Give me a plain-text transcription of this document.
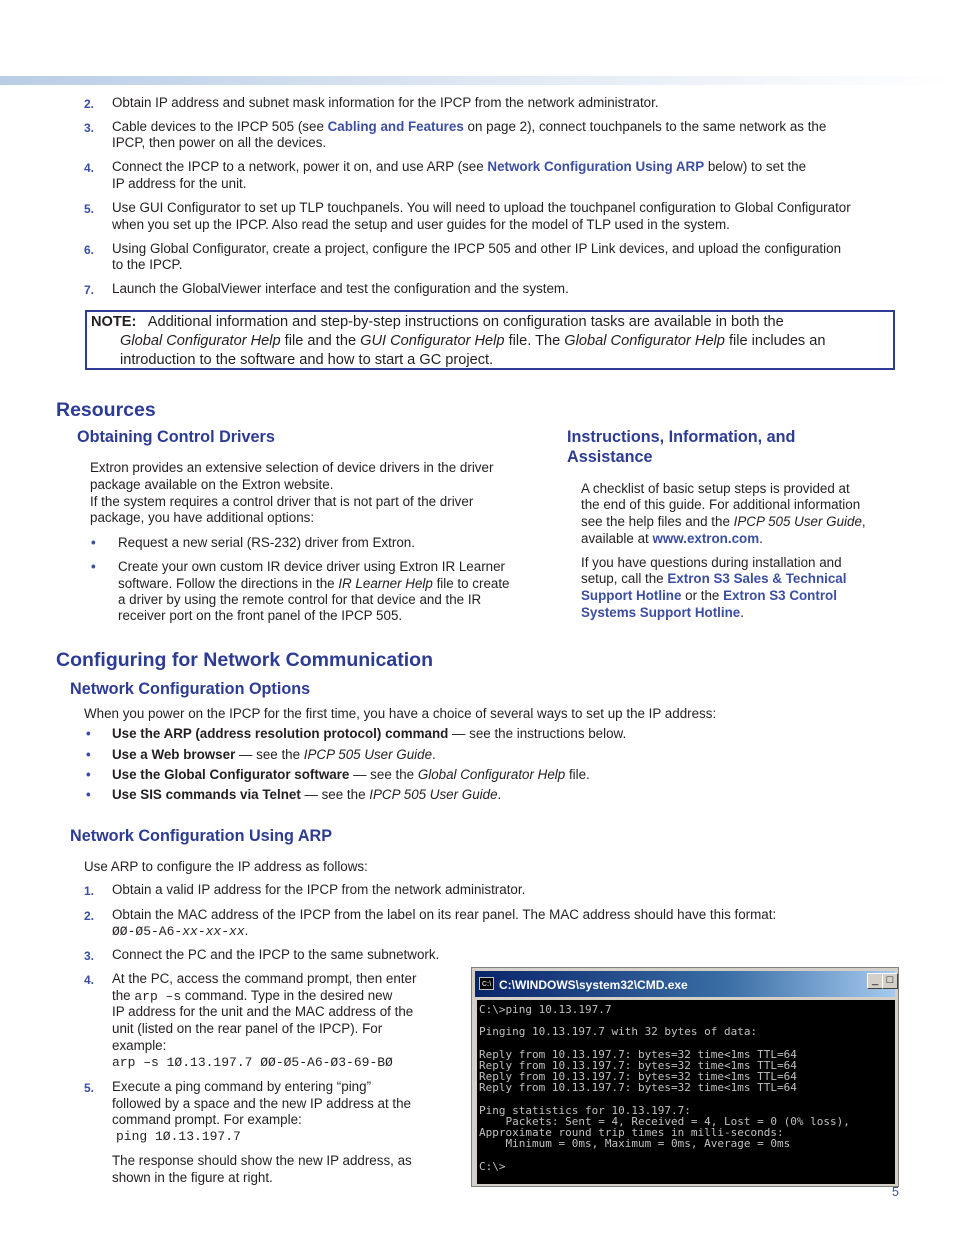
2. Obtain IP address and subnet mask information for the IPCP from the network administrator.
3. Cable devices to the IPCP 505 (see Cabling and Features on page 2), connect touchpanels to the same network as the
IPCP, then power on all the devices.
4. Connect the IPCP to a network, power it on, and use ARP (see Network Configuration Using ARP below) to set the
IP address for the unit.
5. Use GUI Configurator to set up TLP touchpanels. You will need to upload the touchpanel configuration to Global Configurator
when you set up the IPCP. Also read the setup and user guides for the model of TLP used in the system.
6. Using Global Configurator, create a project, configure the IPCP 505 and other IP Link devices, and upload the configuration
to the IPCP.
7. Launch the GlobalViewer interface and test the configuration and the system.
NOTE: Additional information and step-by-step instructions on configuration tasks are available in both the
Global Configurator Help file and the GUI Configurator Help file. The Global Configurator Help file includes an
introduction to the software and how to start a GC project.
Resources
Obtaining Control Drivers
Extron provides an extensive selection of device drivers in the driver
package available on the Extron website.
If the system requires a control driver that is not part of the driver
package, you have additional options:
• Request a new serial (RS-232) driver from Extron.
• Create your own custom IR device driver using Extron IR Learner
software. Follow the directions in the IR Learner Help file to create
a driver by using the remote control for that device and the IR
receiver port on the front panel of the IPCP 505.
Instructions, Information, and
Assistance
A checklist of basic setup steps is provided at
the end of this guide. For additional information
see the help files and the IPCP 505 User Guide,
available at www.extron.com.
If you have questions during installation and
setup, call the Extron S3 Sales & Technical
Support Hotline or the Extron S3 Control
Systems Support Hotline.
Configuring for Network Communication
Network Configuration Options
When you power on the IPCP for the first time, you have a choice of several ways to set up the IP address:
• Use the ARP (address resolution protocol) command — see the instructions below.
• Use a Web browser — see the IPCP 505 User Guide.
• Use the Global Configurator software — see the Global Configurator Help file.
• Use SIS commands via Telnet — see the IPCP 505 User Guide.
Network Configuration Using ARP
Use ARP to configure the IP address as follows:
1. Obtain a valid IP address for the IPCP from the network administrator.
2. Obtain the MAC address of the IPCP from the label on its rear panel. The MAC address should have this format:
ØØ-Ø5-A6-xx-xx-xx.
3. Connect the PC and the IPCP to the same subnetwork.
4. At the PC, access the command prompt, then enter
the arp –s command. Type in the desired new
IP address for the unit and the MAC address of the
unit (listed on the rear panel of the IPCP). For
example:
arp –s 1Ø.13.197.7 ØØ-Ø5-A6-Ø3-69-BØ
5. Execute a ping command by entering “ping”
followed by a space and the new IP address at the
command prompt. For example:
ping 1Ø.13.197.7
The response should show the new IP address, as
shown in the figure at right.
C:\ C:\WINDOWS\system32\CMD.exe	_ □
C:\>ping 10.13.197.7

Pinging 10.13.197.7 with 32 bytes of data:

Reply from 10.13.197.7: bytes=32 time<1ms TTL=64
Reply from 10.13.197.7: bytes=32 time<1ms TTL=64
Reply from 10.13.197.7: bytes=32 time<1ms TTL=64
Reply from 10.13.197.7: bytes=32 time<1ms TTL=64

Ping statistics for 10.13.197.7:
Packets: Sent = 4, Received = 4, Lost = 0 (0% loss),
Approximate round trip times in milli-seconds:
Minimum = 0ms, Maximum = 0ms, Average = 0ms

C:\>
5
